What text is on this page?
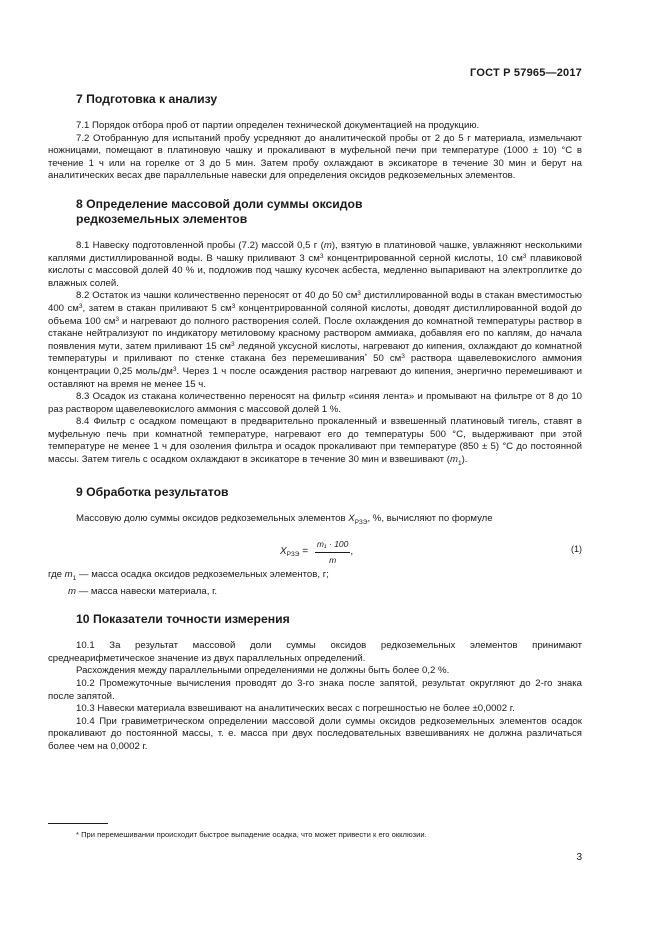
ГОСТ Р 57965—2017
7 Подготовка к анализу

7.1 Порядок отбора проб от партии определен технической документацией на продукцию.

7.2 Отобранную для испытаний пробу усредняют до аналитической пробы от 2 до 5 г материала, измельчают ножницами, помещают в платиновую чашку и прокаливают в муфельной печи при температуре (1000 ± 10) °С в течение 1 ч или на горелке от 3 до 5 мин. Затем пробу охлаждают в эксикаторе в течение 30 мин и берут на аналитических весах две параллельные навески для определения оксидов редкоземельных элементов.

8 Определение массовой доли суммы оксидов
редкоземельных элементов

8.1 Навеску подготовленной пробы (7.2) массой 0,5 г (m), взятую в платиновой чашке, увлажняют несколькими каплями дистиллированной воды. В чашку приливают 3 $см^3$ концентрированной серной кислоты, 10 $см^3$ плавиковой кислоты с массовой долей 40 % и, подложив под чашку кусочек асбеста, медленно выпаривают на электроплитке до влажных солей.

8.2 Остаток из чашки количественно переносят от 40 до 50 $см^3$ дистиллированной воды в стакан вместимостью 400 $см^3$, затем в стакан приливают 5 $см^3$ концентрированной соляной кислоты, доводят дистиллированной водой до объема 100 $см^3$ и нагревают до полного растворения солей. После охлаждения до комнатной температуры раствор в стакане нейтрализуют по индикатору метиловому красному раствором аммиака, добавляя его по каплям, до начала появления мути, затем приливают 15 $см^3$ ледяной уксусной кислоты, нагревают до кипения, охлаждают до комнатной температуры и приливают по стенке стакана без перемешивания* 50 $см^3$ раствора щавелевокислого аммония концентрации 0,25 моль/$дм^3$. Через 1 ч после осаждения раствор нагревают до кипения, энергично перемешивают и оставляют на время не менее 15 ч.

8.3 Осадок из стакана количественно переносят на фильтр «синяя лента» и промывают на фильтре от 8 до 10 раз раствором щавелевокислого аммония с массовой долей 1 %.

8.4 Фильтр с осадком помещают в предварительно прокаленный и взвешенный платиновый тигель, ставят в муфельную печь при комнатной температуре, нагревают его до температуры 500 °С, выдерживают при этой температуре не менее 1 ч для озоления фильтра и осадок прокаливают при температуре (850 ± 5) °С до постоянной массы. Затем тигель с осадком охлаждают в эксикаторе в течение 30 мин и взвешивают $(m_1)$.

9 Обработка результатов

Массовую долю суммы оксидов редкоземельных элементов $X_{РЗЭ}$, %, вычисляют по формуле

X РЗЭ = $\frac{\text{m₁ · 100}}{m}$ ,	(1)

где $m_1$ — масса осадка оксидов редкоземельных элементов, г;

m — масса навески материала, г.

10 Показатели точности измерения

10.1 За результат массовой доли суммы оксидов редкоземельных элементов принимают среднеарифметическое значение из двух параллельных определений.

Расхождения между параллельными определениями не должны быть более 0,2 %.

10.2 Промежуточные вычисления проводят до 3-го знака после запятой, результат округляют до 2-го знака после запятой.

10.3 Навески материала взвешивают на аналитических весах с погрешностью не более ±0,0002 г.

10.4 При гравиметрическом определении массовой доли суммы оксидов редкоземельных элементов осадок прокаливают до постоянной массы, т. е. масса при двух последовательных взвешиваниях не должна различаться более чем на 0,0002 г.

* При перемешивании происходит быстрое выпадение осадка, что может привести к его окклюзии.
3
